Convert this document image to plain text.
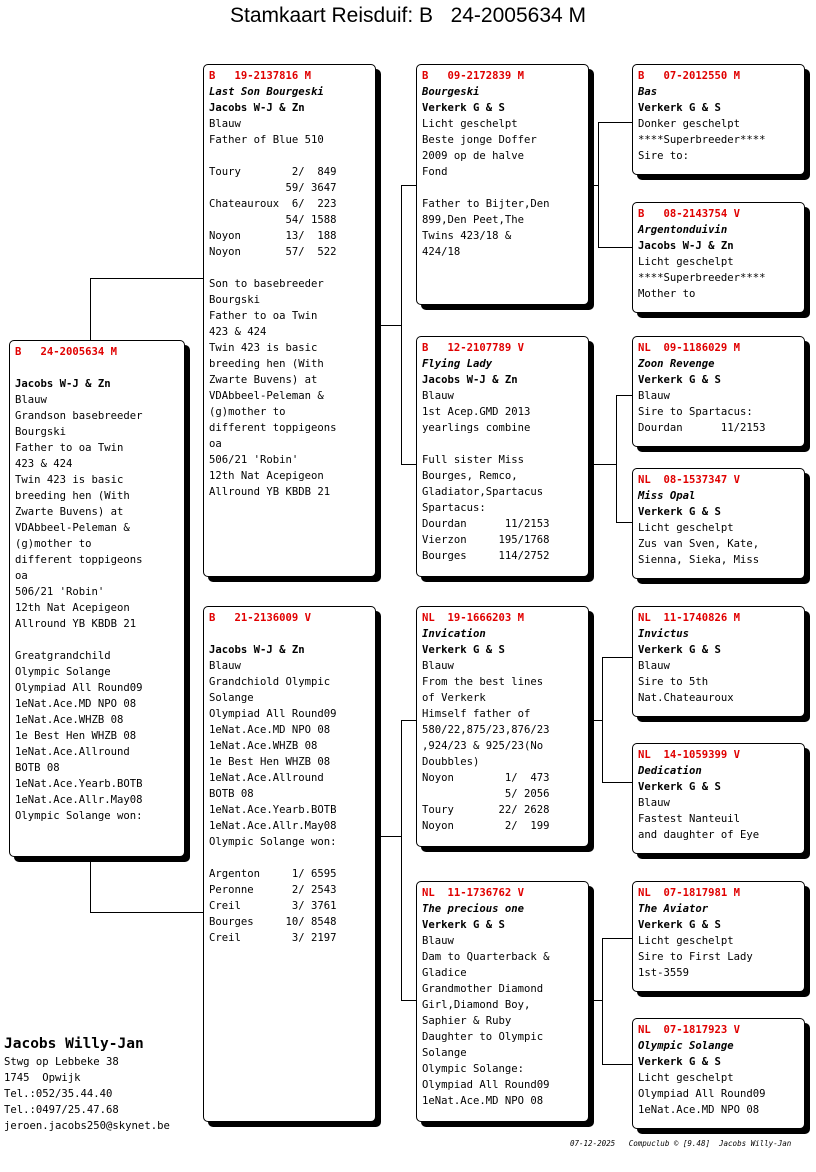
Stamkaart Reisduif: B   24-2005634 M
B   24-2005634 M
Jacobs W-J & Zn
Blauw
Grandson basebreeder
Bourgski
Father to oa Twin
423 & 424
Twin 423 is basic
breeding hen (With
Zwarte Buvens) at
VDAbbeel-Peleman &
(g)mother to
different toppigeons
oa
506/21 'Robin'
12th Nat Acepigeon
Allround YB KBDB 21
Greatgrandchild
Olympic Solange
Olympiad All Round09
1eNat.Ace.MD NPO 08
1eNat.Ace.WHZB 08
1e Best Hen WHZB 08
1eNat.Ace.Allround
BOTB 08
1eNat.Ace.Yearb.BOTB
1eNat.Ace.Allr.May08
Olympic Solange won:
B   19-2137816 M
Last Son Bourgeski
Jacobs W-J & Zn
Blauw
Father of Blue 510
Toury        2/  849
59/ 3647
Chateauroux  6/  223
54/ 1588
Noyon       13/  188
Noyon       57/  522
Son to basebreeder
Bourgski
Father to oa Twin
423 & 424
Twin 423 is basic
breeding hen (With
Zwarte Buvens) at
VDAbbeel-Peleman &
(g)mother to
different toppigeons
oa
506/21 'Robin'
12th Nat Acepigeon
Allround YB KBDB 21
B   21-2136009 V
Jacobs W-J & Zn
Blauw
Grandchiold Olympic
Solange
Olympiad All Round09
1eNat.Ace.MD NPO 08
1eNat.Ace.WHZB 08
1e Best Hen WHZB 08
1eNat.Ace.Allround
BOTB 08
1eNat.Ace.Yearb.BOTB
1eNat.Ace.Allr.May08
Olympic Solange won:
Argenton     1/ 6595
Peronne      2/ 2543
Creil        3/ 3761
Bourges     10/ 8548
Creil        3/ 2197
B   09-2172839 M
Bourgeski
Verkerk G & S
Licht geschelpt
Beste jonge Doffer
2009 op de halve
Fond
Father to Bijter,Den
899,Den Peet,The
Twins 423/18 &
424/18
B   12-2107789 V
Flying Lady
Jacobs W-J & Zn
Blauw
1st Acep.GMD 2013
yearlings combine
Full sister Miss
Bourges, Remco,
Gladiator,Spartacus
Spartacus:
Dourdan      11/2153
Vierzon     195/1768
Bourges     114/2752
NL  19-1666203 M
Invication
Verkerk G & S
Blauw
From the best lines
of Verkerk
Himself father of
580/22,875/23,876/23
,924/23 & 925/23(No
Doubbles)
Noyon        1/  473
5/ 2056
Toury       22/ 2628
Noyon        2/  199
NL  11-1736762 V
The precious one
Verkerk G & S
Blauw
Dam to Quarterback &
Gladice
Grandmother Diamond
Girl,Diamond Boy,
Saphier & Ruby
Daughter to Olympic
Solange
Olympic Solange:
Olympiad All Round09
1eNat.Ace.MD NPO 08
B   07-2012550 M
Bas
Verkerk G & S
Donker geschelpt
****Superbreeder****
Sire to:
B   08-2143754 V
Argentonduivin
Jacobs W-J & Zn
Licht geschelpt
****Superbreeder****
Mother to
NL  09-1186029 M
Zoon Revenge
Verkerk G & S
Blauw
Sire to Spartacus:
Dourdan      11/2153
NL  08-1537347 V
Miss Opal
Verkerk G & S
Licht geschelpt
Zus van Sven, Kate,
Sienna, Sieka, Miss
NL  11-1740826 M
Invictus
Verkerk G & S
Blauw
Sire to 5th
Nat.Chateauroux
NL  14-1059399 V
Dedication
Verkerk G & S
Blauw
Fastest Nanteuil
and daughter of Eye
NL  07-1817981 M
The Aviator
Verkerk G & S
Licht geschelpt
Sire to First Lady
1st-3559
NL  07-1817923 V
Olympic Solange
Verkerk G & S
Licht geschelpt
Olympiad All Round09
1eNat.Ace.MD NPO 08
Jacobs Willy-Jan
Stwg op Lebbeke 38
1745  Opwijk
Tel.:052/35.44.40
Tel.:0497/25.47.68
jeroen.jacobs250@skynet.be
07-12-2025   Compuclub © [9.48]  Jacobs Willy-Jan
